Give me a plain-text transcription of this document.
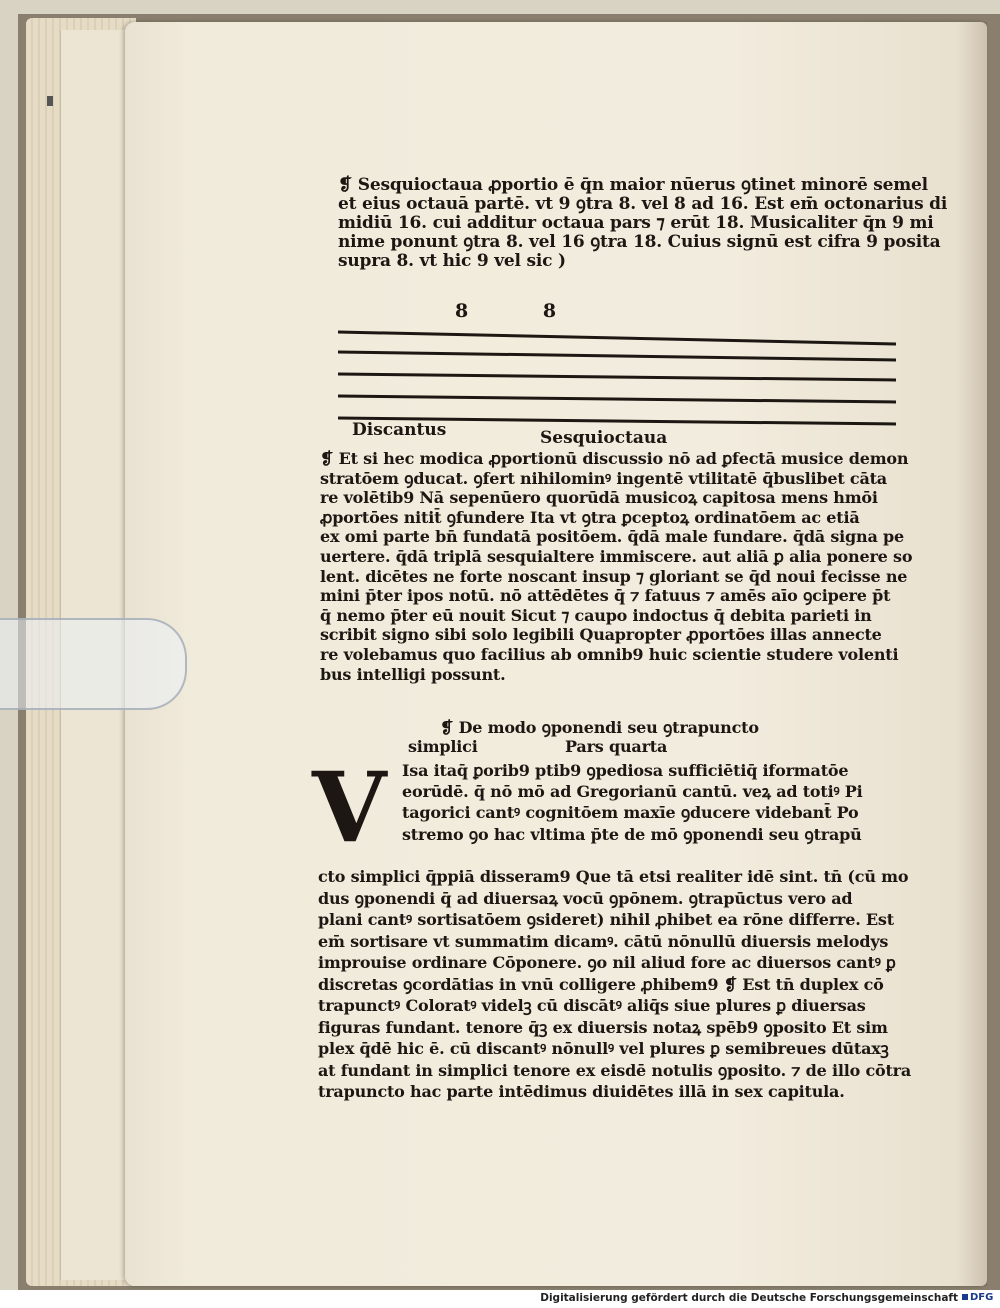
❡ Sesquioctaua ꝓportio ē q̄n maior nūerus ꝯtinet minorē semel
et eius octauā partē. vt 9 ꝯtra 8. vel 8 ad 16. Est em̄ octonarius di
midiū 16. cui additur octaua pars ⁊ erūt 18. Musicaliter q̄n 9 mi
nime ponunt ꝯtra 8. vel 16 ꝯtra 18. Cuius signū est cifra 9 posita
supra 8. vt hic 9 vel sic )
8	8
Discantus	Sesquioctaua
❡ Et si hec modica ꝓportionū discussio nō ad ꝑfectā musice demon
stratōem ꝯducat. ꝯfert nihilominꝰ ingentē vtilitatē q̄buslibet cāta
re volētib9 Nā sepenūero quorūdā musicoꝝ capitosa mens hmōi
ꝓportōes nitit̄ ꝯfundere Ita vt ꝯtra ꝑceptoꝝ ordinatōem ac etiā
ex omi parte bn̄ fundatā positōem. q̄dā male fundare. q̄dā signa pe
uertere. q̄dā triplā sesquialtere immiscere. aut aliā ꝑ alia ponere so
lent. dicētes ne forte noscant insup ⁊ gloriant se q̄d noui fecisse ne
mini p̄ter ipos notū. nō attēdētes q̄ ⁊ fatuus ⁊ amēs aīo ꝯcipere p̄t
q̄ nemo p̄ter eū nouit Sicut ⁊ caupo indoctus q̄ debita parieti in
scribit signo sibi solo legibili Quapropter ꝓportōes illas annecte
re volebamus quo facilius ab omnib9 huic scientie studere volenti
bus intelligi possunt.
❡ De modo ꝯponendi seu ꝯtrapuncto
simplici	Pars quarta
V Isa itaq̄ ꝑorib9 ptib9 ꝯpediosa sufficiētiq̄ iformatōe
eorūdē. q̄ nō mō ad Gregorianū cantū. veꝝ ad totiꝰ Pi
tagorici cantꝰ cognitōem maxīe ꝯducere videbant̄ Po
stremo ꝯo hac vltima p̄te de mō ꝯponendi seu ꝯtrapū
cto simplici q̄ppiā disseram9 Que tā etsi realiter idē sint. tn̄ (cū mo
dus ꝯponendi q̄ ad diuersaꝝ vocū ꝯpōnem. ꝯtrapūctus vero ad
plani cantꝰ sortisatōem ꝯsideret) nihil ꝓhibet ea rōne differre. Est
em̄ sortisare vt summatim dicamꝰ. cātū nōnullū diuersis melodys
improuise ordinare Cōponere. ꝯo nil aliud fore ac diuersos cantꝰ ꝑ
discretas ꝯcordātias in vnū colligere ꝓhibem9 ❡ Est tn̄ duplex cō
trapunctꝰ Coloratꝰ videlꝫ cū discātꝰ aliq̄s siue plures ꝑ diuersas
figuras fundant. tenore q̄ꝫ ex diuersis notaꝝ spēb9 ꝯposito Et sim
plex q̄dē hic ē. cū discantꝰ nōnullꝰ vel plures ꝑ semibreues dūtaxꝫ
at fundant in simplici tenore ex eisdē notulis ꝯposito. ⁊ de illo cōtra
trapuncto hac parte intēdimus diuidētes illā in sex capitula.
Digitalisierung gefördert durch die Deutsche Forschungsgemeinschaft	DFG
